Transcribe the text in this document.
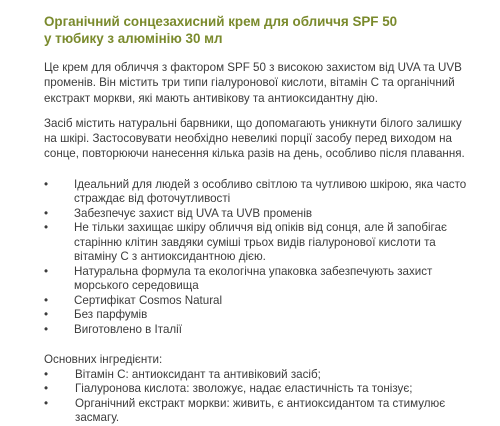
Органічний сонцезахисний крем для обличчя SPF 50
у тюбику з алюмінію 30 мл

Це крем для обличчя з фактором SPF 50 з високою захистом від UVA та UVB променів. Він містить три типи гіалуронової кислоти, вітамін С та органічний екстракт моркви, які мають антивікову та антиоксидантну дію.

Засіб містить натуральні барвники, що допомагають уникнути білого залишку на шкірі. Застосовувати необхідно невеликі порції засобу перед виходом на сонце, повторюючи нанесення кілька разів на день, особливо після плавання.

• Ідеальний для людей з особливо світлою та чутливою шкірою, яка часто страждає від фоточутливості
• Забезпечує захист від UVA та UVB променів
• Не тільки захищає шкіру обличчя від опіків від сонця, але й запобігає старінню клітин завдяки суміші трьох видів гіалуронової кислоти та вітаміну С з антиоксидантною дією.
• Натуральна формула та екологічна упаковка забезпечують захист морського середовища
• Сертифікат Cosmos Natural
• Без парфумів
• Виготовлено в Італії

Основних інгредієнти:

• Вітамін С: антиоксидант та антивіковий засіб;
• Гіалуронова кислота: зволожує, надає еластичність та тонізує;
• Органічний екстракт моркви: живить, є антиоксидантом та стимулює засмагу.
